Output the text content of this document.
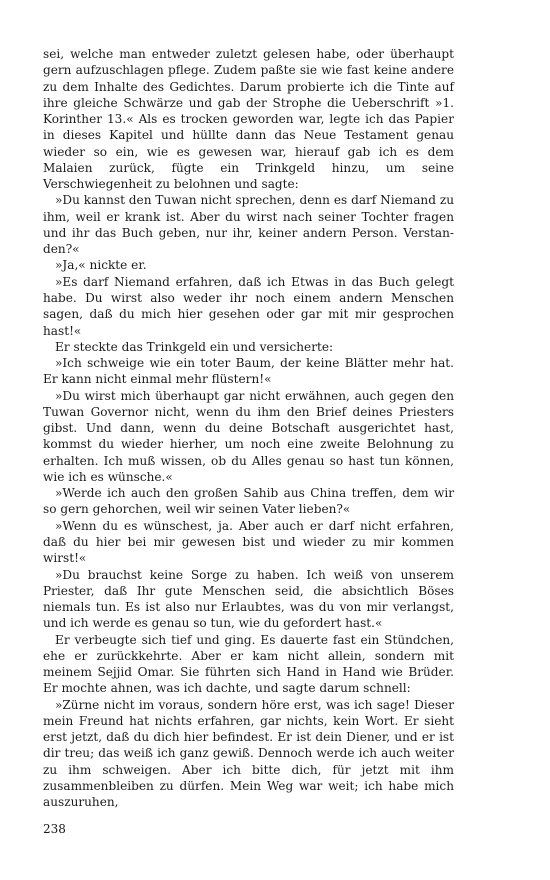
sei, welche man entweder zuletzt gelesen habe, oder überhaupt gern aufzuschlagen pflege. Zudem paßte sie wie fast keine andere zu dem Inhalte des Gedichtes. Darum probierte ich die Tinte auf ihre gleiche Schwärze und gab der Strophe die Ueberschrift »1. Korinther 13.« Als es trocken geworden war, legte ich das Papier in dieses Kapitel und hüllte dann das Neue Testament genau wieder so ein, wie es gewesen war, hierauf gab ich es dem Malaien zurück, fügte ein Trinkgeld hinzu, um seine Verschwiegenheit zu belohnen und sagte:

»Du kannst den Tuwan nicht sprechen, denn es darf Niemand zu ihm, weil er krank ist. Aber du wirst nach seiner Tochter fragen und ihr das Buch geben, nur ihr, keiner andern Person. Verstanden?«

»Ja,« nickte er.

»Es darf Niemand erfahren, daß ich Etwas in das Buch gelegt habe. Du wirst also weder ihr noch einem andern Menschen sagen, daß du mich hier gesehen oder gar mit mir gesprochen hast!«

Er steckte das Trinkgeld ein und versicherte:

»Ich schweige wie ein toter Baum, der keine Blätter mehr hat. Er kann nicht einmal mehr flüstern!«

»Du wirst mich überhaupt gar nicht erwähnen, auch gegen den Tuwan Governor nicht, wenn du ihm den Brief deines Priesters gibst. Und dann, wenn du deine Botschaft ausgerichtet hast, kommst du wieder hierher, um noch eine zweite Belohnung zu erhalten. Ich muß wissen, ob du Alles genau so hast tun können, wie ich es wünsche.«

»Werde ich auch den großen Sahib aus China treffen, dem wir so gern gehorchen, weil wir seinen Vater lieben?«

»Wenn du es wünschest, ja. Aber auch er darf nicht erfahren, daß du hier bei mir gewesen bist und wieder zu mir kommen wirst!«

»Du brauchst keine Sorge zu haben. Ich weiß von unserem Priester, daß Ihr gute Menschen seid, die absichtlich Böses niemals tun. Es ist also nur Erlaubtes, was du von mir verlangst, und ich werde es genau so tun, wie du gefordert hast.«

Er verbeugte sich tief und ging. Es dauerte fast ein Stündchen, ehe er zurückkehrte. Aber er kam nicht allein, sondern mit meinem Sejjid Omar. Sie führten sich Hand in Hand wie Brüder. Er mochte ahnen, was ich dachte, und sagte darum schnell:

»Zürne nicht im voraus, sondern höre erst, was ich sage! Dieser mein Freund hat nichts erfahren, gar nichts, kein Wort. Er sieht erst jetzt, daß du dich hier befindest. Er ist dein Diener, und er ist dir treu; das weiß ich ganz gewiß. Dennoch werde ich auch weiter zu ihm schweigen. Aber ich bitte dich, für jetzt mit ihm zusammenbleiben zu dürfen. Mein Weg war weit; ich habe mich auszuruhen,

238
